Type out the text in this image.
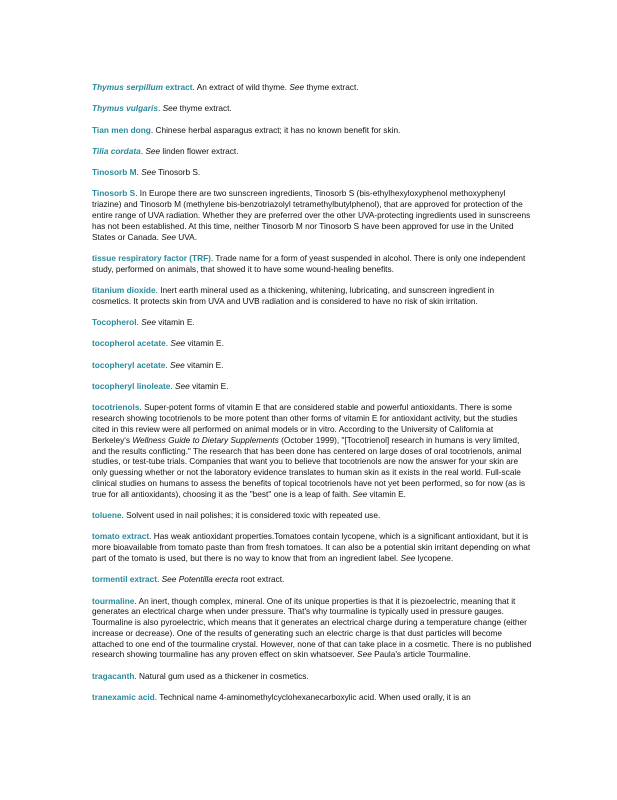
Thymus serpillum extract. An extract of wild thyme. See thyme extract.

Thymus vulgaris. See thyme extract.

Tian men dong. Chinese herbal asparagus extract; it has no known benefit for skin.

Tilia cordata. See linden flower extract.

Tinosorb M. See Tinosorb S.

Tinosorb S. In Europe there are two sunscreen ingredients, Tinosorb S (bis-ethylhexyloxyphenol methoxyphenyl triazine) and Tinosorb M (methylene bis-benzotriazolyl tetramethylbutylphenol), that are approved for protection of the entire range of UVA radiation. Whether they are preferred over the other UVA-protecting ingredients used in sunscreens has not been established. At this time, neither Tinosorb M nor Tinosorb S have been approved for use in the United States or Canada. See UVA.

tissue respiratory factor (TRF). Trade name for a form of yeast suspended in alcohol. There is only one independent study, performed on animals, that showed it to have some wound-healing benefits.

titanium dioxide. Inert earth mineral used as a thickening, whitening, lubricating, and sunscreen ingredient in cosmetics. It protects skin from UVA and UVB radiation and is considered to have no risk of skin irritation.

Tocopherol. See vitamin E.

tocopherol acetate. See vitamin E.

tocopheryl acetate. See vitamin E.

tocopheryl linoleate. See vitamin E.

tocotrienols. Super-potent forms of vitamin E that are considered stable and powerful antioxidants. There is some research showing tocotrienols to be more potent than other forms of vitamin E for antioxidant activity, but the studies cited in this review were all performed on animal models or in vitro. According to the University of California at Berkeley's Wellness Guide to Dietary Supplements (October 1999), "[Tocotrienol] research in humans is very limited, and the results conflicting." The research that has been done has centered on large doses of oral tocotrienols, animal studies, or test-tube trials. Companies that want you to believe that tocotrienols are now the answer for your skin are only guessing whether or not the laboratory evidence translates to human skin as it exists in the real world. Full-scale clinical studies on humans to assess the benefits of topical tocotrienols have not yet been performed, so for now (as is true for all antioxidants), choosing it as the "best" one is a leap of faith. See vitamin E.

toluene. Solvent used in nail polishes; it is considered toxic with repeated use.

tomato extract. Has weak antioxidant properties.Tomatoes contain lycopene, which is a significant antioxidant, but it is more bioavailable from tomato paste than from fresh tomatoes. It can also be a potential skin irritant depending on what part of the tomato is used, but there is no way to know that from an ingredient label. See lycopene.

tormentil extract. See Potentilla erecta root extract.

tourmaline. An inert, though complex, mineral. One of its unique properties is that it is piezoelectric, meaning that it generates an electrical charge when under pressure. That's why tourmaline is typically used in pressure gauges. Tourmaline is also pyroelectric, which means that it generates an electrical charge during a temperature change (either increase or decrease). One of the results of generating such an electric charge is that dust particles will become attached to one end of the tourmaline crystal. However, none of that can take place in a cosmetic. There is no published research showing tourmaline has any proven effect on skin whatsoever. See Paula's article Tourmaline.

tragacanth. Natural gum used as a thickener in cosmetics.

tranexamic acid. Technical name 4-aminomethylcyclohexanecarboxylic acid. When used orally, it is an
